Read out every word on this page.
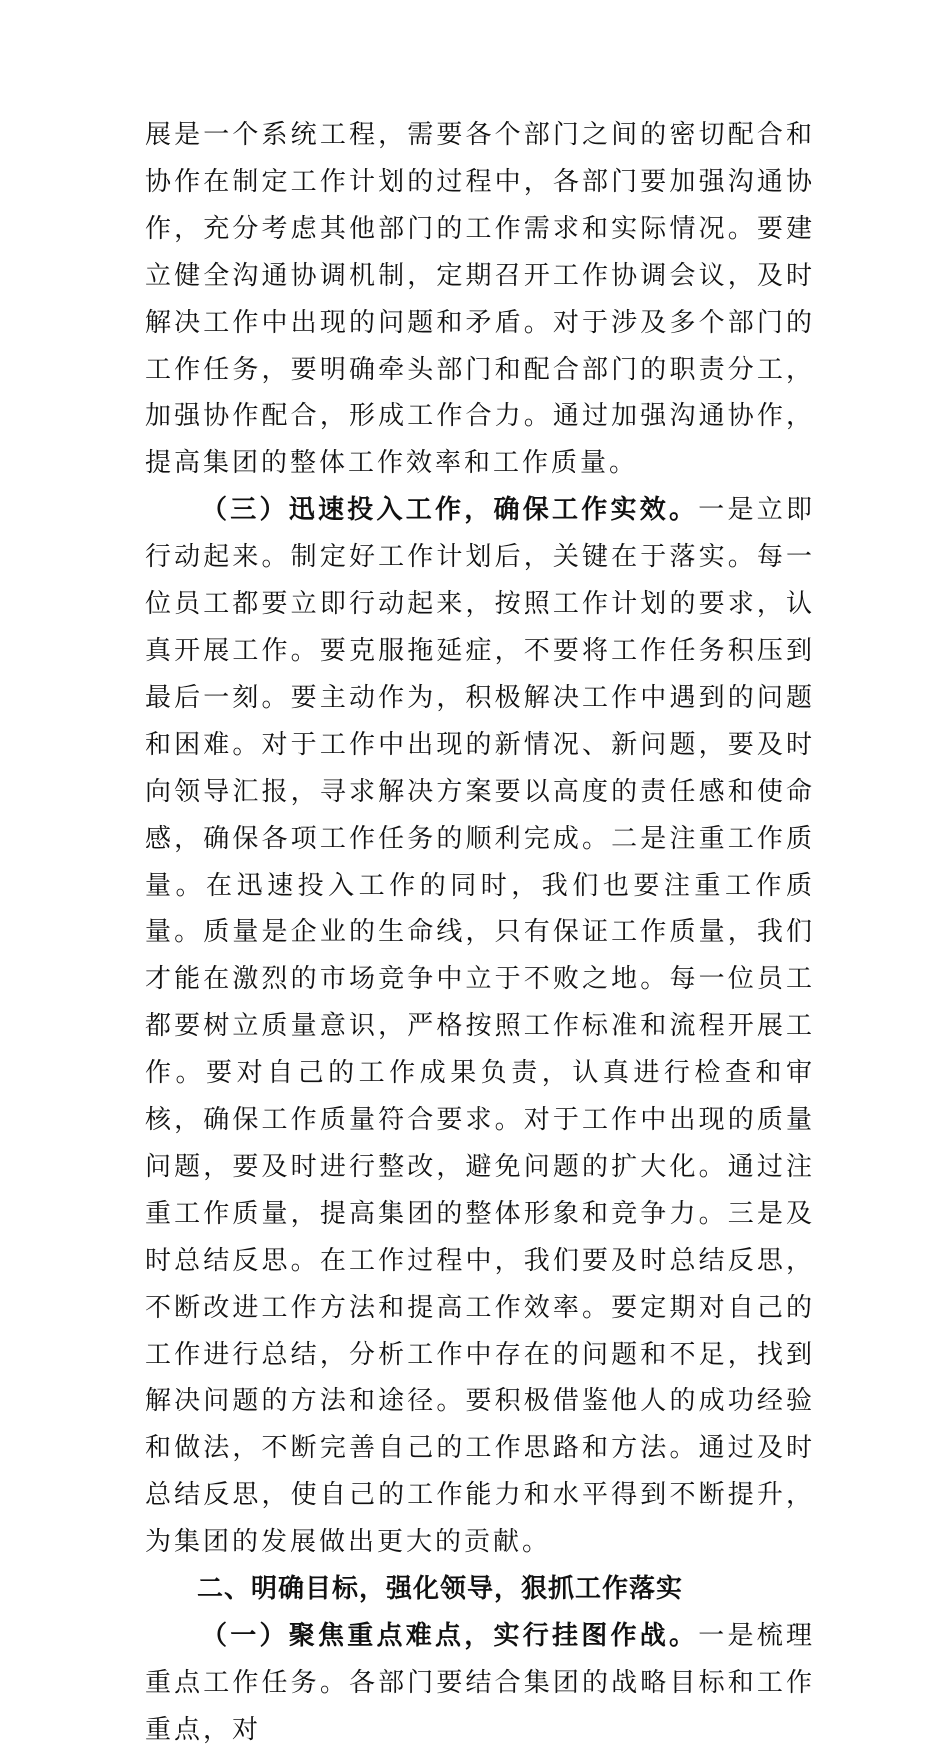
展是一个系统工程，需要各个部门之间的密切配合和协作在制定工作计划的过程中，各部门要加强沟通协作，充分考虑其他部门的工作需求和实际情况。要建立健全沟通协调机制，定期召开工作协调会议，及时解决工作中出现的问题和矛盾。对于涉及多个部门的工作任务，要明确牵头部门和配合部门的职责分工，加强协作配合，形成工作合力。通过加强沟通协作，提高集团的整体工作效率和工作质量。

（三）迅速投入工作，确保工作实效。一是立即行动起来。制定好工作计划后，关键在于落实。每一位员工都要立即行动起来，按照工作计划的要求，认真开展工作。要克服拖延症，不要将工作任务积压到最后一刻。要主动作为，积极解决工作中遇到的问题和困难。对于工作中出现的新情况、新问题，要及时向领导汇报，寻求解决方案要以高度的责任感和使命感，确保各项工作任务的顺利完成。二是注重工作质量。在迅速投入工作的同时，我们也要注重工作质量。质量是企业的生命线，只有保证工作质量，我们才能在激烈的市场竞争中立于不败之地。每一位员工都要树立质量意识，严格按照工作标准和流程开展工作。要对自己的工作成果负责，认真进行检查和审核，确保工作质量符合要求。对于工作中出现的质量问题，要及时进行整改，避免问题的扩大化。通过注重工作质量，提高集团的整体形象和竞争力。三是及时总结反思。在工作过程中，我们要及时总结反思，不断改进工作方法和提高工作效率。要定期对自己的工作进行总结，分析工作中存在的问题和不足，找到解决问题的方法和途径。要积极借鉴他人的成功经验和做法，不断完善自己的工作思路和方法。通过及时总结反思，使自己的工作能力和水平得到不断提升，为集团的发展做出更大的贡献。

二、明确目标，强化领导，狠抓工作落实

（一）聚焦重点难点，实行挂图作战。一是梳理重点工作任务。各部门要结合集团的战略目标和工作重点，对
